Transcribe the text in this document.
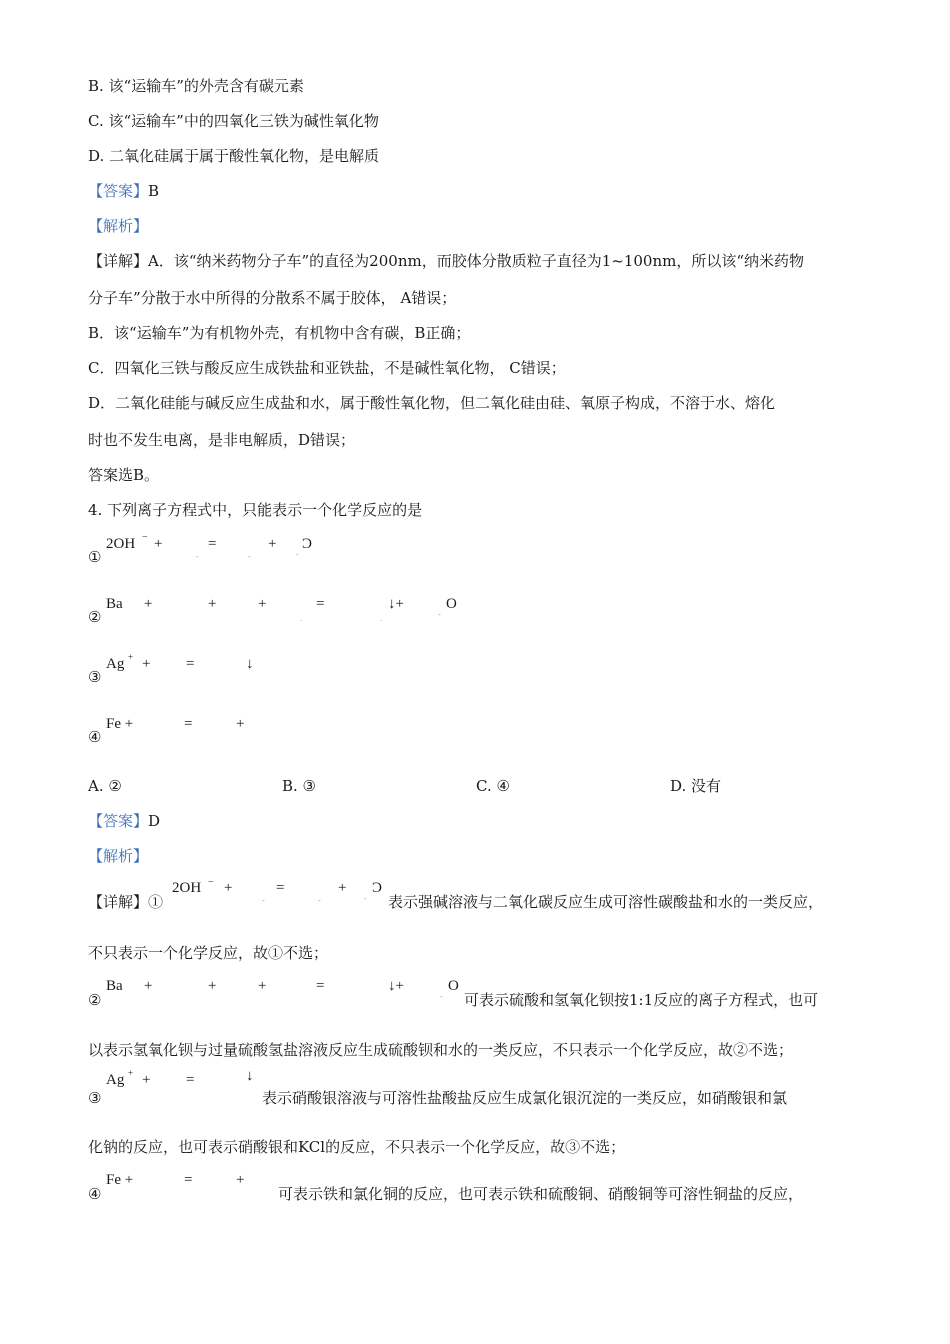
B. 该“运输车”的外壳含有碳元素
C. 该“运输车”中的四氧化三铁为碱性氧化物
D. 二氧化硅属于属于酸性氧化物，是电解质
【答案】B
【解析】
【详解】A．该“纳米药物分子车”的直径为200nm，而胶体分散质粒子直径为1~100nm，所以该“纳米药物
分子车”分散于水中所得的分散系不属于胶体， A错误；
B．该“运输车”为有机物外壳，有机物中含有碳，B正确；
C．四氧化三铁与酸反应生成铁盐和亚铁盐，不是碱性氧化物， C错误；
D．二氧化硅能与碱反应生成盐和水，属于酸性氧化物，但二氧化硅由硅、氧原子构成，不溶于水、熔化
时也不发生电离，是非电解质，D错误；
答案选B。
4. 下列离子方程式中，只能表示一个化学反应的是
①
2OH − +
-
=
-
+
-
Ͻ
②
Ba +	+	+
.
=
.
↓+
-
O
③
Ag + + =	↓
④
Fe +	=	+
A. ②	B. ③	C. ④	D. 没有
【答案】D
【解析】
【详解】①
2OH − +
-
=
-
+
-
Ͻ
表示强碱溶液与二氧化碳反应生成可溶性碳酸盐和水的一类反应，
不只表示一个化学反应，故①不选；
②
Ba +	+	+	=	↓+
-
O
可表示硫酸和氢氧化钡按1:1反应的离子方程式，也可
以表示氢氧化钡与过量硫酸氢盐溶液反应生成硫酸钡和水的一类反应，不只表示一个化学反应，故②不选；
③
Ag + + =	↓
表示硝酸银溶液与可溶性盐酸盐反应生成氯化银沉淀的一类反应，如硝酸银和氯
化钠的反应，也可表示硝酸银和KCl的反应，不只表示一个化学反应，故③不选；
④
Fe +	=	+
可表示铁和氯化铜的反应，也可表示铁和硫酸铜、硝酸铜等可溶性铜盐的反应，
